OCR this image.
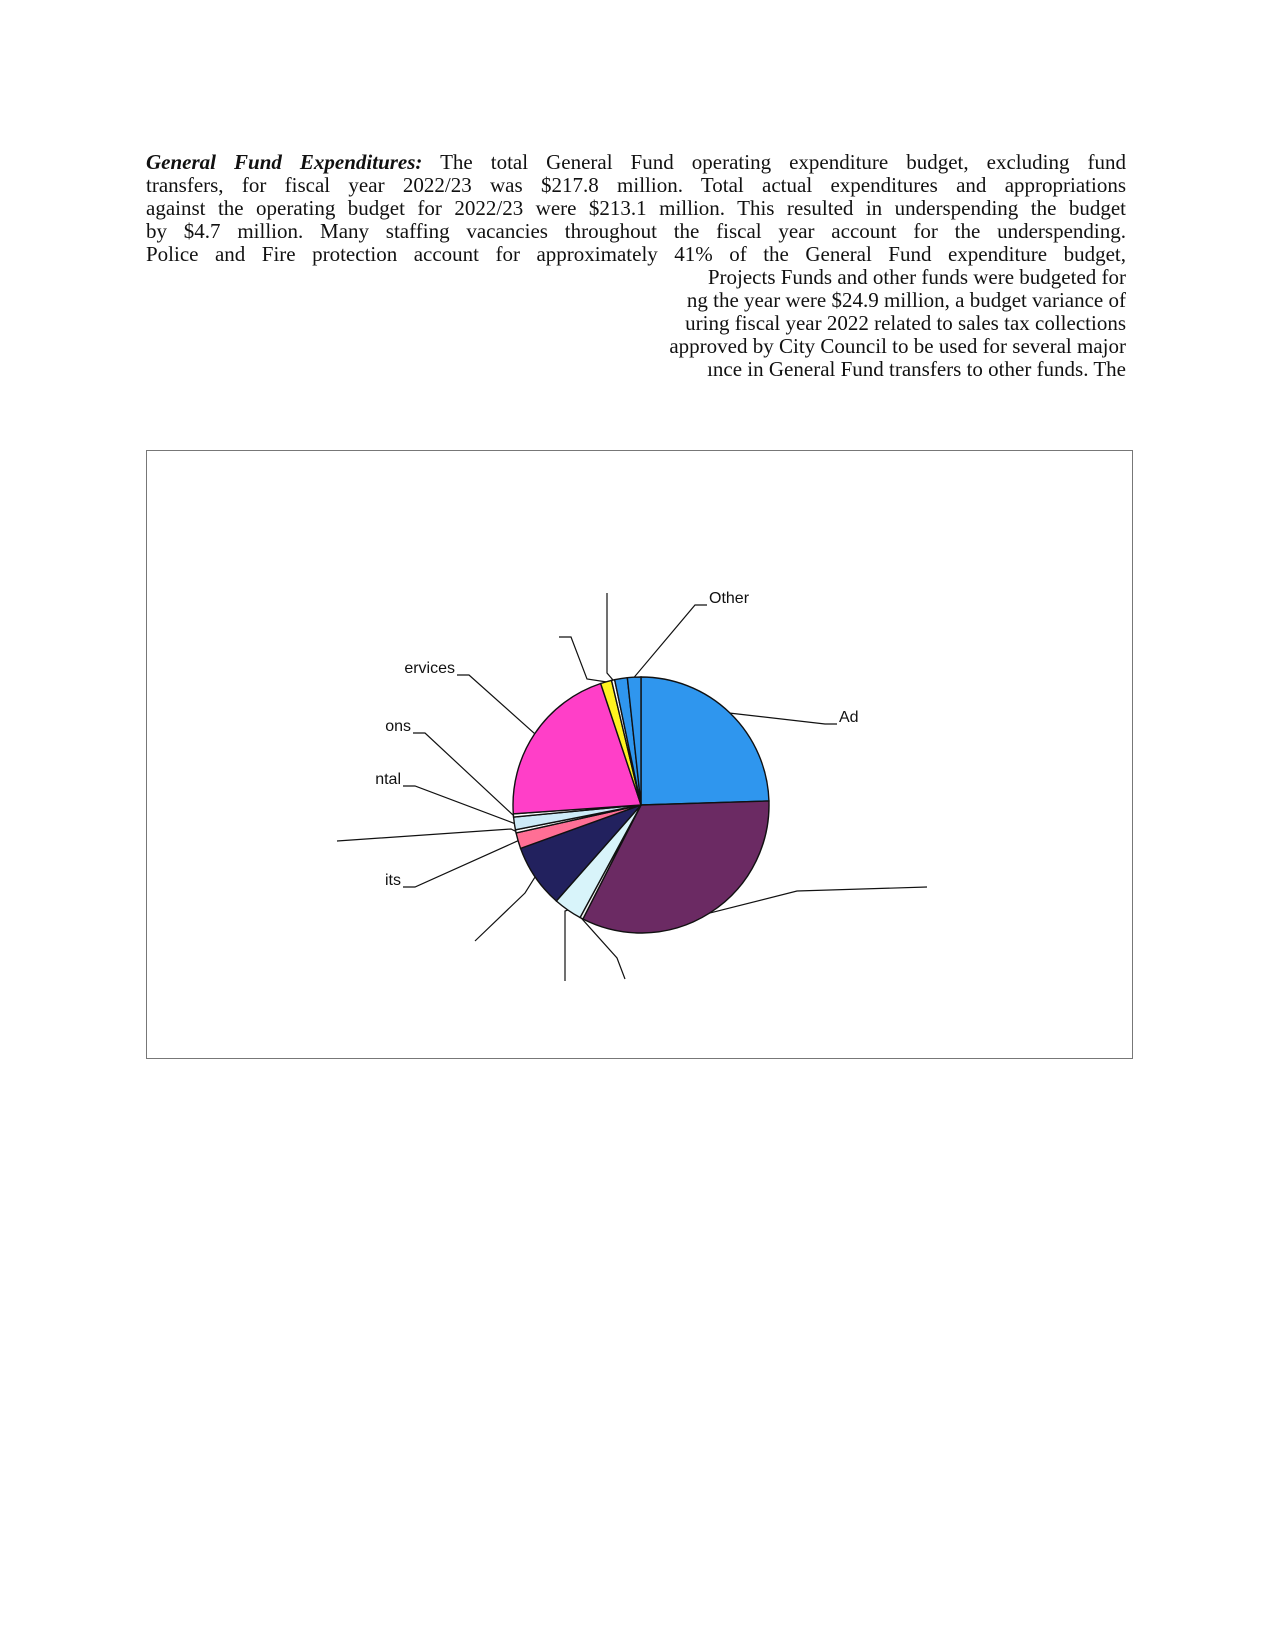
General Fund Expenditures: The total General Fund operating expenditure budget, excluding fund
transfers, for fiscal year 2022/23 was $217.8 million. Total actual expenditures and appropriations
against the operating budget for 2022/23 were $213.1 million. This resulted in underspending the budget
by $4.7 million. Many staffing vacancies throughout the fiscal year account for the underspending.
Police and Fire protection account for approximately 41% of the General Fund expenditure budget,
Projects Funds and other funds were budgeted for
ng the year were $24.9 million, a budget variance of
uring fiscal year 2022 related to sales tax collections
approved by City Council to be used for several major
ınce in General Fund transfers to other funds. The
Ad
its
ntal
ons
ervices
Other
